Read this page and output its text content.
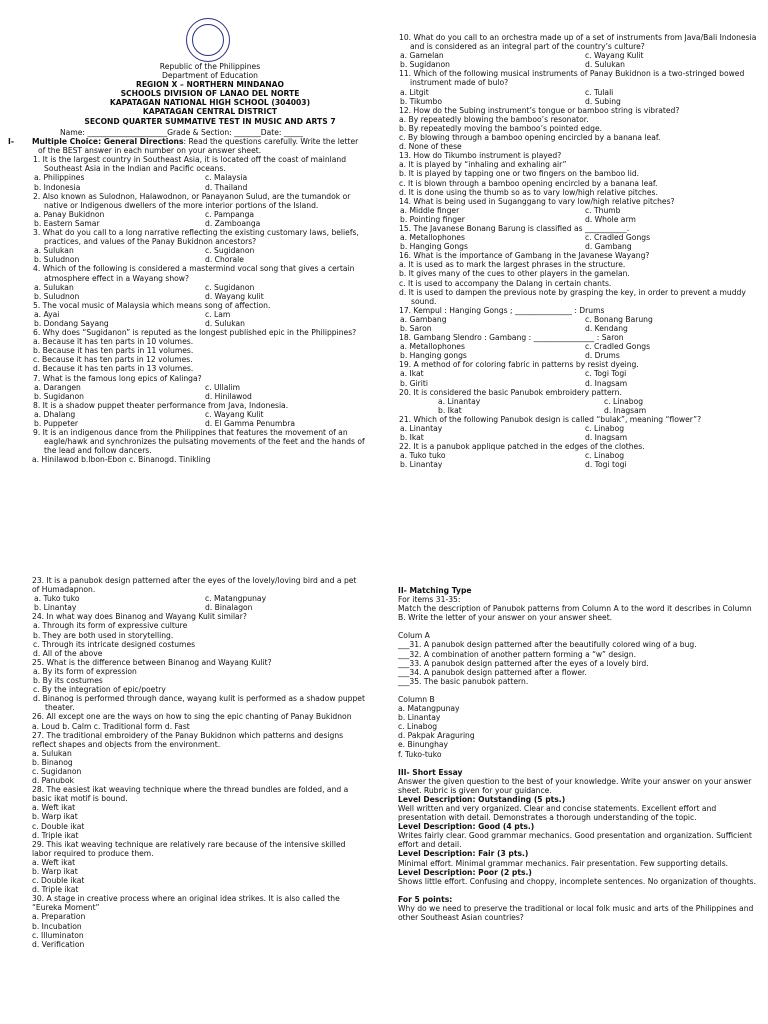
Republic of the Philippines
Department of Education
REGION X – NORTHERN MINDANAO
SCHOOLS DIVISION OF LANAO DEL NORTE
KAPATAGAN NATIONAL HIGH SCHOOL (304003)
KAPATAGAN CENTRAL DISTRICT
SECOND QUARTER SUMMATIVE TEST IN MUSIC AND ARTS 7
Name: _____________________Grade & Section: _______Date: _____
I- Multiple Choice: General Directions: Read the questions carefully. Write the letter of the BEST answer in each number on your answer sheet.
1. It is the largest country in Southeast Asia, it is located off the coast of mainland Southeast Asia in the Indian and Pacific oceans.
a. Philippines	c. Malaysia
b. Indonesia	d. Thailand
2. Also known as Sulodnon, Halawodnon, or Panayanon Sulud, are the tumandok or native or Indigenous dwellers of the more interior portions of the Island.
a. Panay Bukidnon	c. Pampanga
b. Eastern Samar	d. Zamboanga
3. What do you call to a long narrative reflecting the existing customary laws, beliefs, practices, and values of the Panay Bukidnon ancestors?
a. Sulukan	c. Sugidanon
b. Suludnon	d. Chorale
4. Which of the following is considered a mastermind vocal song that gives a certain atmosphere effect in a Wayang show?
a. Sulukan	c. Sugidanon
b. Suludnon	d. Wayang kulit
5. The vocal music of Malaysia which means song of affection.
a. Ayai	c. Lam
b. Dondang Sayang	d. Sulukan
6. Why does “Sugidanon” is reputed as the longest published epic in the Philippines?
a. Because it has ten parts in 10 volumes.
b. Because it has ten parts in 11 volumes.
c. Because it has ten parts in 12 volumes.
d. Because it has ten parts in 13 volumes.
7. What is the famous long epics of Kalinga?
a. Darangen	c. Ullalim
b. Sugidanon	d. Hinilawod
8. It is a shadow puppet theater performance from Java, Indonesia.
a. Dhalang	c. Wayang Kulit
b. Puppeter	d. El Gamma Penumbra
9. It is an indigenous dance from the Philippines that features the movement of an eagle/hawk and synchronizes the pulsating movements of the feet and the hands of the lead and follow dancers.
a. Hinilawod b.Ibon-Ebon c. Binanogd. Tinikling
10. What do you call to an orchestra made up of a set of instruments from Java/Bali Indonesia and is considered as an integral part of the country’s culture?
a. Gamelan	c. Wayang Kulit
b. Sugidanon	d. Sulukan
11. Which of the following musical instruments of Panay Bukidnon is a two-stringed bowed instrument made of bulo?
a. Litgit	c. Tulali
b. Tikumbo	d. Subing
12. How do the Subing instrument’s tongue or bamboo string is vibrated?
a. By repeatedly blowing the bamboo’s resonator.
b. By repeatedly moving the bamboo’s pointed edge.
c. By blowing through a bamboo opening encircled by a banana leaf.
d. None of these
13. How do Tikumbo instrument is played?
a. It is played by “inhaling and exhaling air”
b. It is played by tapping one or two fingers on the bamboo lid.
c. It is blown through a bamboo opening encircled by a banana leaf.
d. It is done using the thumb so as to vary low/high relative pitches.
14. What is being used in Suganggang to vary low/high relative pitches?
a. Middle finger	c. Thumb
b. Pointing finger	d. Whole arm
15. The Javanese Bonang Barung is classified as ___________.
a. Metallophones	c. Cradled Gongs
b. Hanging Gongs	d. Gambang
16. What is the importance of Gambang in the Javanese Wayang?
a. It is used as to mark the largest phrases in the structure.
b. It gives many of the cues to other players in the gamelan.
c. It is used to accompany the Dalang in certain chants.
d. It is used to dampen the previous note by grasping the key, in order to prevent a muddy sound.
17. Kempul : Hanging Gongs ; _______________ : Drums
a. Gambang	c. Bonang Barung
b. Saron	d. Kendang
18. Gambang Slendro : Gambang : ________________ : Saron
a. Metallophones	c. Cradled Gongs
b. Hanging gongs	d. Drums
19. A method of for coloring fabric in patterns by resist dyeing.
a. Ikat	c. Togi Togi
b. Giriti	d. Inagsam
20. It is considered the basic Panubok embroidery pattern.
a. Linantay	c. Linabog
b. Ikat	d. Inagsam
21. Which of the following Panubok design is called “bulak”, meaning “flower”?
a. Linantay	c. Linabog
b. Ikat	d. Inagsam
22. It is a panubok applique patched in the edges of the clothes.
a. Tuko tuko	c. Linabog
b. Linantay	d. Togi togi
23. It is a panubok design patterned after the eyes of the lovely/loving bird and a pet of Humadapnon.
a. Tuko tuko	c. Matangpunay
b. Linantay	d. Binalagon
24. In what way does Binanog and Wayang Kulit similar?
a. Through its form of expressive culture
b. They are both used in storytelling.
c. Through its intricate designed costumes
d. All of the above
25. What is the difference between Binanog and Wayang Kulit?
a. By its form of expression
b. By its costumes
c. By the integration of epic/poetry
d. Binanog is performed through dance, wayang kulit is performed as a shadow puppet theater.
26. All except one are the ways on how to sing the epic chanting of Panay Bukidnon
a. Loud b. Calm c. Traditional form d. Fast
27. The traditional embroidery of the Panay Bukidnon which patterns and designs reflect shapes and objects from the environment.
a. Sulukan
b. Binanog
c. Sugidanon
d. Panubok
28. The easiest ikat weaving technique where the thread bundles are folded, and a basic ikat motif is bound.
a. Weft ikat
b. Warp ikat
c. Double ikat
d. Triple ikat
29. This ikat weaving technique are relatively rare because of the intensive skilled labor required to produce them.
a. Weft ikat
b. Warp ikat
c. Double ikat
d. Triple ikat
30. A stage in creative process where an original idea strikes. It is also called the “Eureka Moment”
a. Preparation
b. Incubation
c. Illuminaton
d. Verification
II- Matching Type
For items 31-35:
Match the description of Panubok patterns from Column A to the word it describes in Column B. Write the letter of your answer on your answer sheet.
Colum A
___31. A panubok design patterned after the beautifully colored wing of a bug.
___32. A combination of another pattern forming a “w” design.
___33. A panubok design patterned after the eyes of a lovely bird.
___34. A panubok design patterned after a flower.
___35. The basic panubok pattern.
Column B
a. Matangpunay
b. Linantay
c. Linabog
d. Pakpak Araguring
e. Binunghay
f. Tuko-tuko
III- Short Essay
Answer the given question to the best of your knowledge. Write your answer on your answer sheet. Rubric is given for your guidance.
Level Description: Outstanding (5 pts.)
Well written and very organized. Clear and concise statements. Excellent effort and presentation with detail. Demonstrates a thorough understanding of the topic.
Level Description: Good (4 pts.)
Writes fairly clear. Good grammar mechanics. Good presentation and organization. Sufficient effort and detail.
Level Description: Fair (3 pts.)
Minimal effort. Minimal grammar mechanics. Fair presentation. Few supporting details.
Level Description: Poor (2 pts.)
Shows little effort. Confusing and choppy, incomplete sentences. No organization of thoughts.
For 5 points:
Why do we need to preserve the traditional or local folk music and arts of the Philippines and other Southeast Asian countries?
